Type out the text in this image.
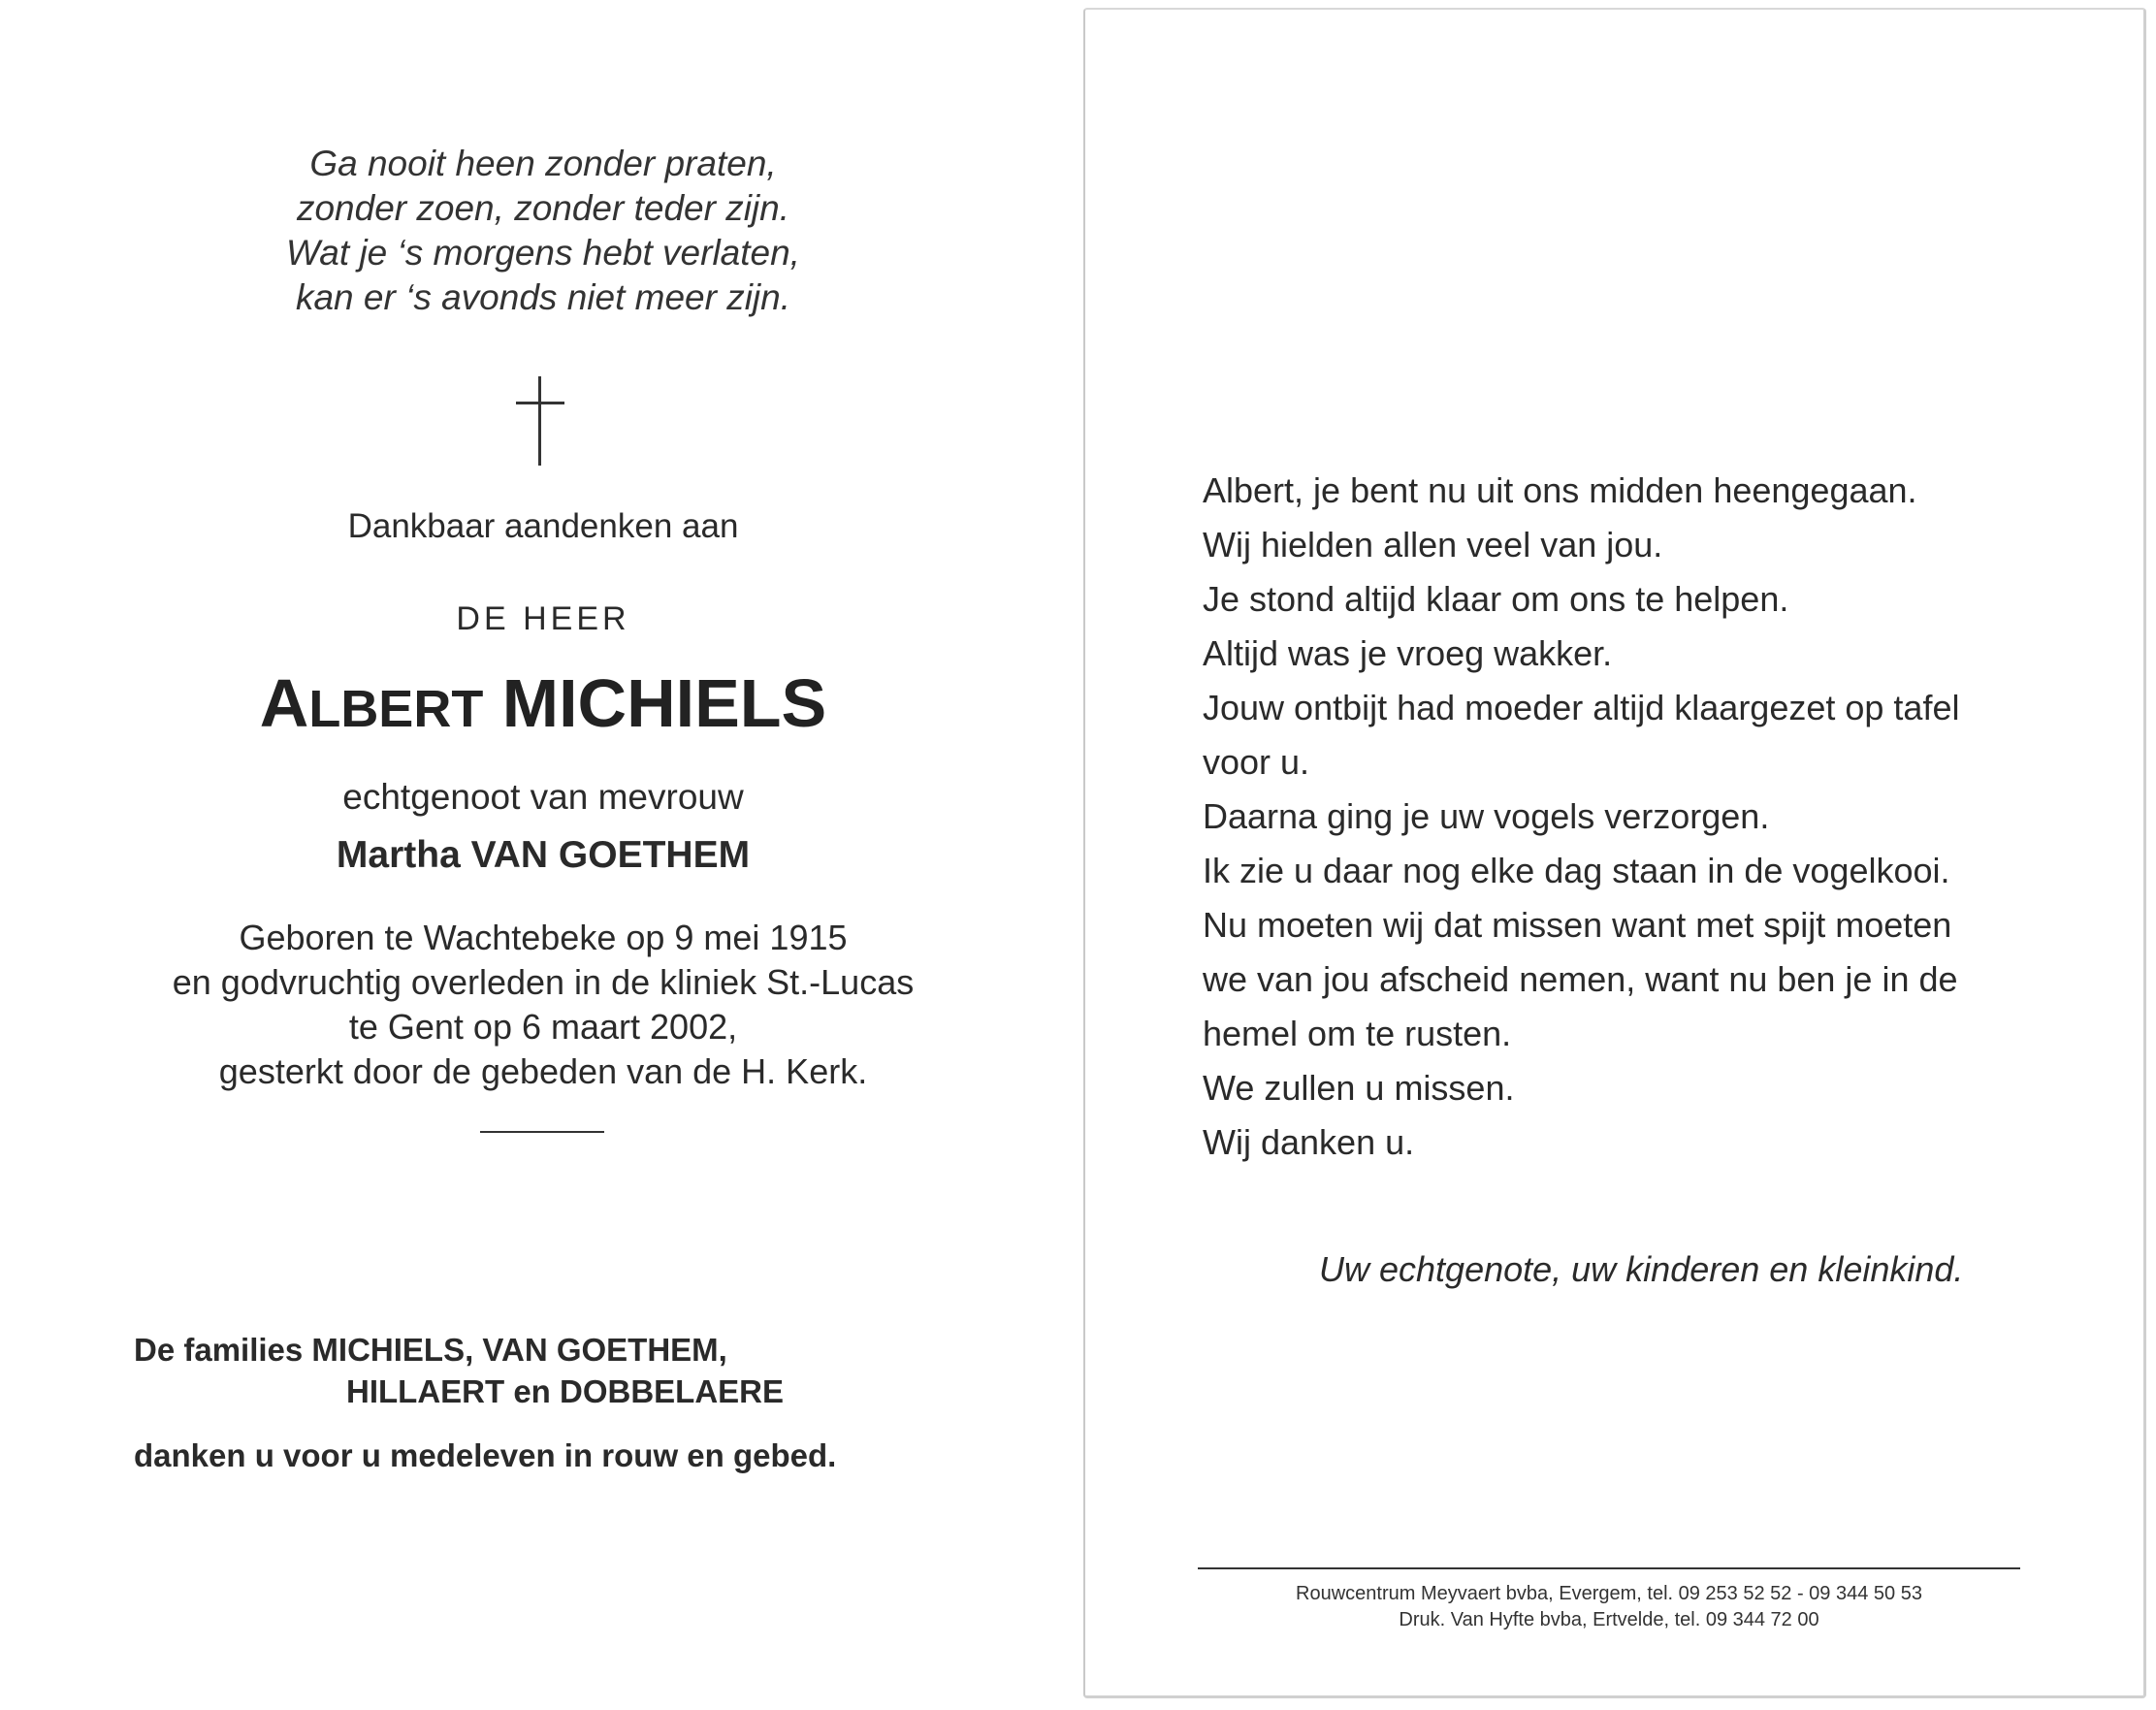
Ga nooit heen zonder praten,
zonder zoen, zonder teder zijn.
Wat je ‘s morgens hebt verlaten,
kan er ‘s avonds niet meer zijn.
Dankbaar aandenken aan
DE HEER
ALBERT MICHIELS
echtgenoot van mevrouw
Martha VAN GOETHEM
Geboren te Wachtebeke op 9 mei 1915
en godvruchtig overleden in de kliniek St.-Lucas
te Gent op 6 maart 2002,
gesterkt door de gebeden van de H. Kerk.
De families MICHIELS, VAN GOETHEM,
HILLAERT en DOBBELAERE
danken u voor u medeleven in rouw en gebed.
Albert, je bent nu uit ons midden heengegaan.
Wij hielden allen veel van jou.
Je stond altijd klaar om ons te helpen.
Altijd was je vroeg wakker.
Jouw ontbijt had moeder altijd klaargezet op tafel
voor u.
Daarna ging je uw vogels verzorgen.
Ik zie u daar nog elke dag staan in de vogelkooi.
Nu moeten wij dat missen want met spijt moeten
we van jou afscheid nemen, want nu ben je in de
hemel om te rusten.
We zullen u missen.
Wij danken u.
Uw echtgenote, uw kinderen en kleinkind.
Rouwcentrum Meyvaert bvba, Evergem, tel. 09 253 52 52 - 09 344 50 53
Druk. Van Hyfte bvba, Ertvelde, tel. 09 344 72 00
